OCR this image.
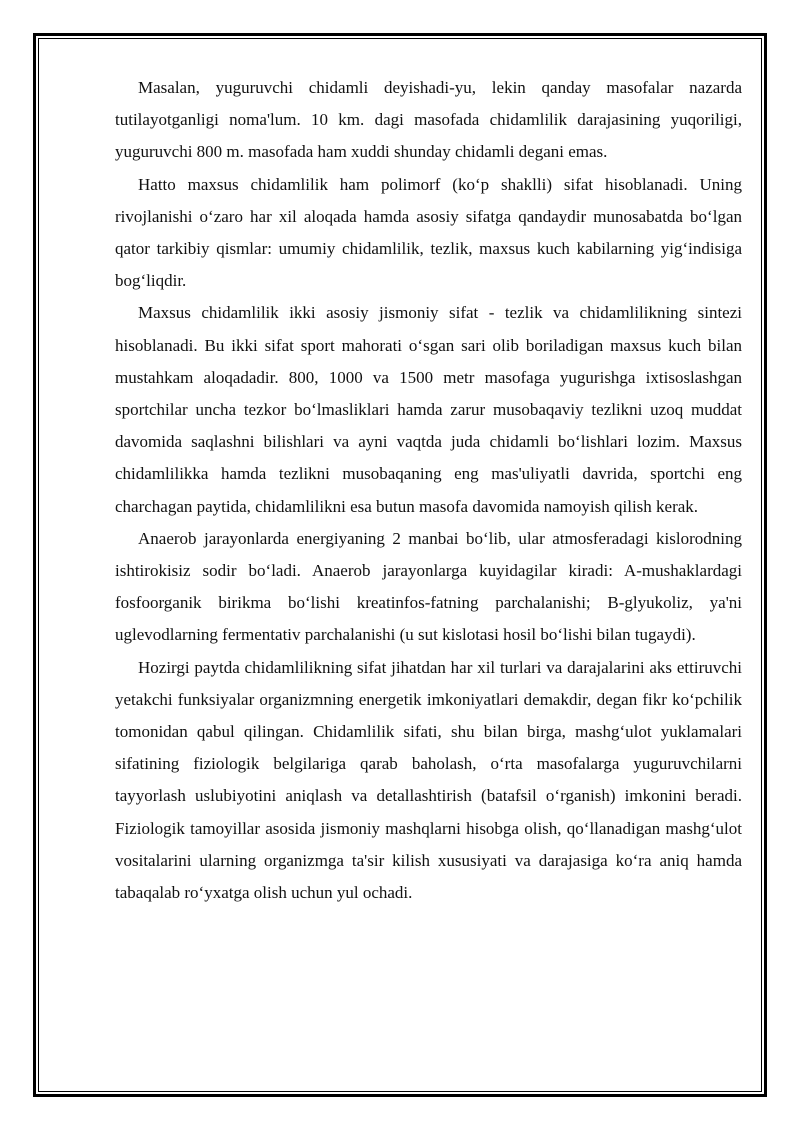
Masalan, yuguruvchi chidamli deyishadi-yu, lekin qanday masofalar nazarda tutilayotganligi noma'lum. 10 km. dagi masofada chidamlilik darajasining yuqoriligi, yuguruvchi 800 m. masofada ham xuddi shunday chidamli degani emas.

Hatto maxsus chidamlilik ham polimorf (ko‘p shaklli) sifat hisoblanadi. Uning rivojlanishi o‘zaro har xil aloqada hamda asosiy sifatga qandaydir munosabatda bo‘lgan qator tarkibiy qismlar: umumiy chidamlilik, tezlik, maxsus kuch kabilarning yig‘indisiga bog‘liqdir.

Maxsus chidamlilik ikki asosiy jismoniy sifat - tezlik va chidamlilikning sintezi hisoblanadi. Bu ikki sifat sport mahorati o‘sgan sari olib boriladigan maxsus kuch bilan mustahkam aloqadadir. 800, 1000 va 1500 metr masofaga yugurishga ixtisoslashgan sportchilar uncha tezkor bo‘lmasliklari hamda zarur musobaqaviy tezlikni uzoq muddat davomida saqlashni bilishlari va ayni vaqtda juda chidamli bo‘lishlari lozim. Maxsus chidamlilikka hamda tezlikni musobaqaning eng mas'uliyatli davrida, sportchi eng charchagan paytida, chidamlilikni esa butun masofa davomida namoyish qilish kerak.

Anaerob jarayonlarda energiyaning 2 manbai bo‘lib, ular atmosferadagi kislorodning ishtirokisiz sodir bo‘ladi. Anaerob jarayonlarga kuyidagilar kiradi: A-mushaklardagi fosfoorganik birikma bo‘lishi kreatinfos-fatning parchalanishi; B-glyukoliz, ya'ni uglevodlarning fermentativ parchalanishi (u sut kislotasi hosil bo‘lishi bilan tugaydi).

Hozirgi paytda chidamlilikning sifat jihatdan har xil turlari va darajalarini aks ettiruvchi yetakchi funksiyalar organizmning energetik imkoniyatlari demakdir, degan fikr ko‘pchilik tomonidan qabul qilingan. Chidamlilik sifati, shu bilan birga, mashg‘ulot yuklamalari sifatining fiziologik belgilariga qarab baholash, o‘rta masofalarga yuguruvchilarni tayyorlash uslubiyotini aniqlash va detallashtirish (batafsil o‘rganish) imkonini beradi. Fiziologik tamoyillar asosida jismoniy mashqlarni hisobga olish, qo‘llanadigan mashg‘ulot vositalarini ularning organizmga ta'sir kilish xususiyati va darajasiga ko‘ra aniq hamda tabaqalab ro‘yxatga olish uchun yul ochadi.
